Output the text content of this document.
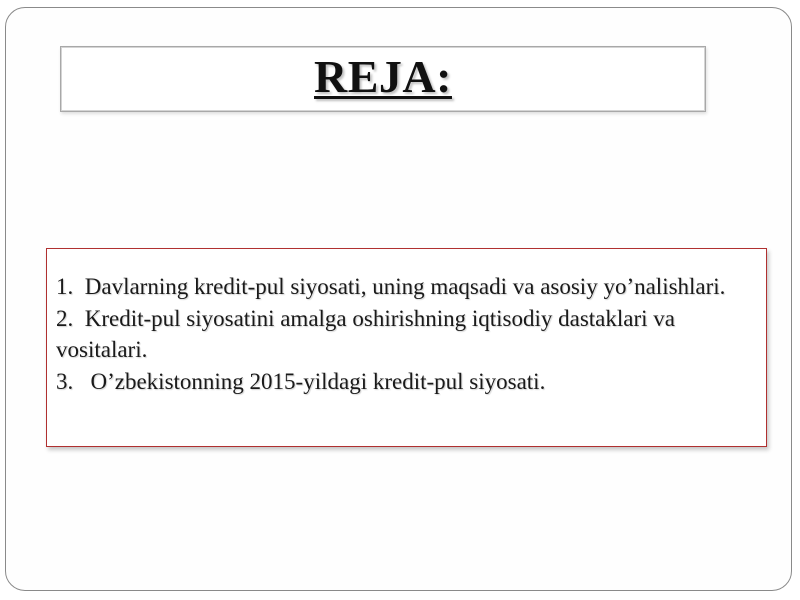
REJA:
1.  Davlarning kredit-pul siyosati, uning maqsadi va asosiy yo’nalishlari.
2.  Kredit-pul siyosatini amalga oshirishning iqtisodiy dastaklari va vositalari.
3.   O’zbekistonning 2015-yildagi kredit-pul siyosati.
